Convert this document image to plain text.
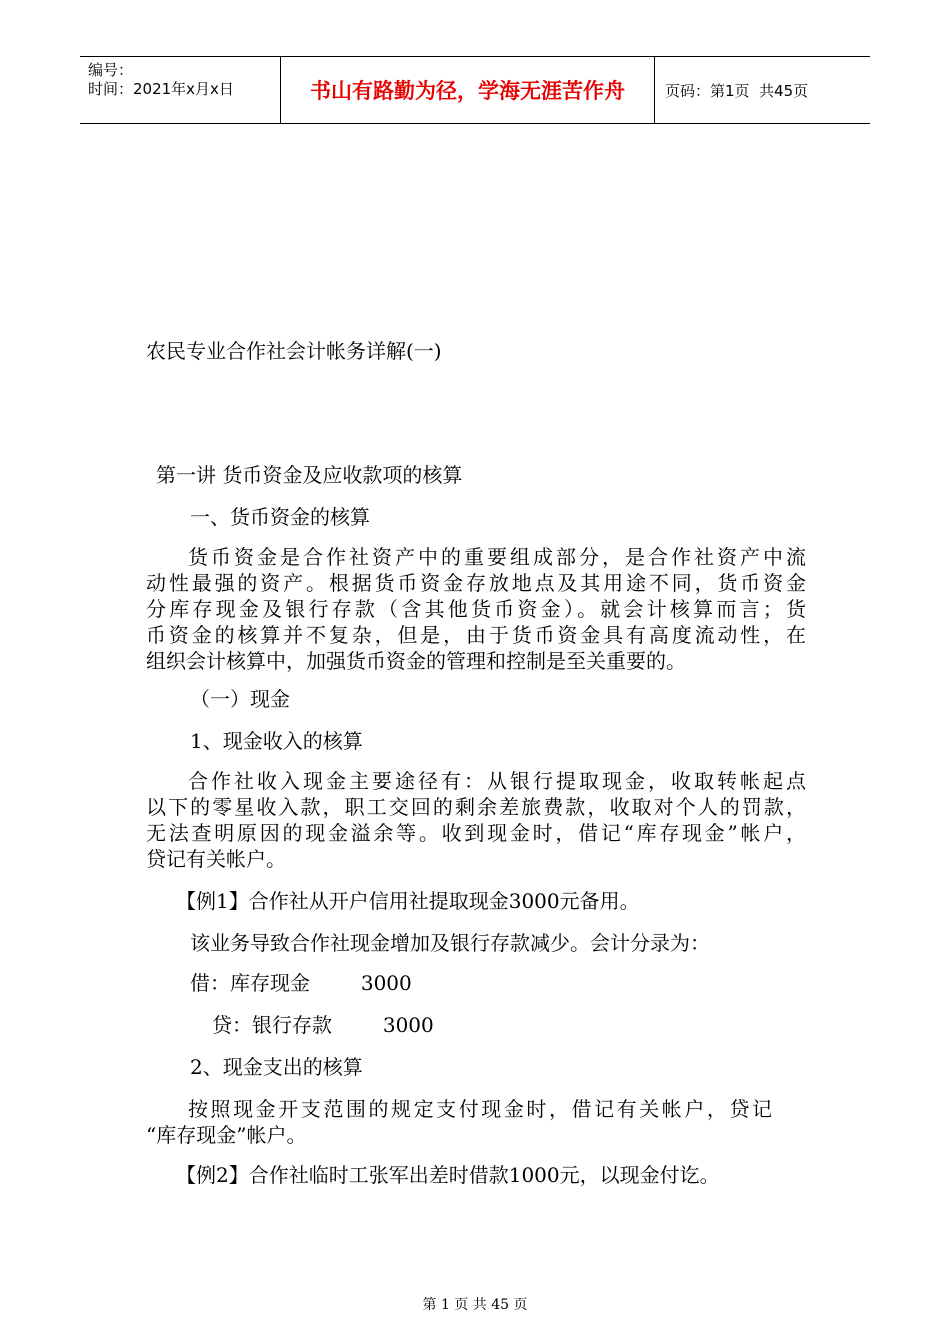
编号：
时间：2021年x月x日	书山有路勤为径，学海无涯苦作舟	页码：第1页  共45页
农民专业合作社会计帐务详解(一)
第一讲 货币资金及应收款项的核算
一、货币资金的核算
货币资金是合作社资产中的重要组成部分，是合作社资产中流
动性最强的资产。根据货币资金存放地点及其用途不同，货币资金
分库存现金及银行存款（含其他货币资金）。就会计核算而言；货
币资金的核算并不复杂，但是，由于货币资金具有高度流动性，在
组织会计核算中，加强货币资金的管理和控制是至关重要的。
（一）现金
1、现金收入的核算
合作社收入现金主要途径有：从银行提取现金，收取转帐起点
以下的零星收入款，职工交回的剩余差旅费款，收取对个人的罚款，
无法查明原因的现金溢余等。收到现金时，借记“库存现金”帐户，
贷记有关帐户。
【例1】合作社从开户信用社提取现金3000元备用。
该业务导致合作社现金增加及银行存款减少。会计分录为：
借：库存现金        3000
贷：银行存款        3000
2、现金支出的核算
按照现金开支范围的规定支付现金时，借记有关帐户，贷记
“库存现金”帐户。
【例2】合作社临时工张军出差时借款1000元，以现金付讫。
第 1 页 共 45 页
